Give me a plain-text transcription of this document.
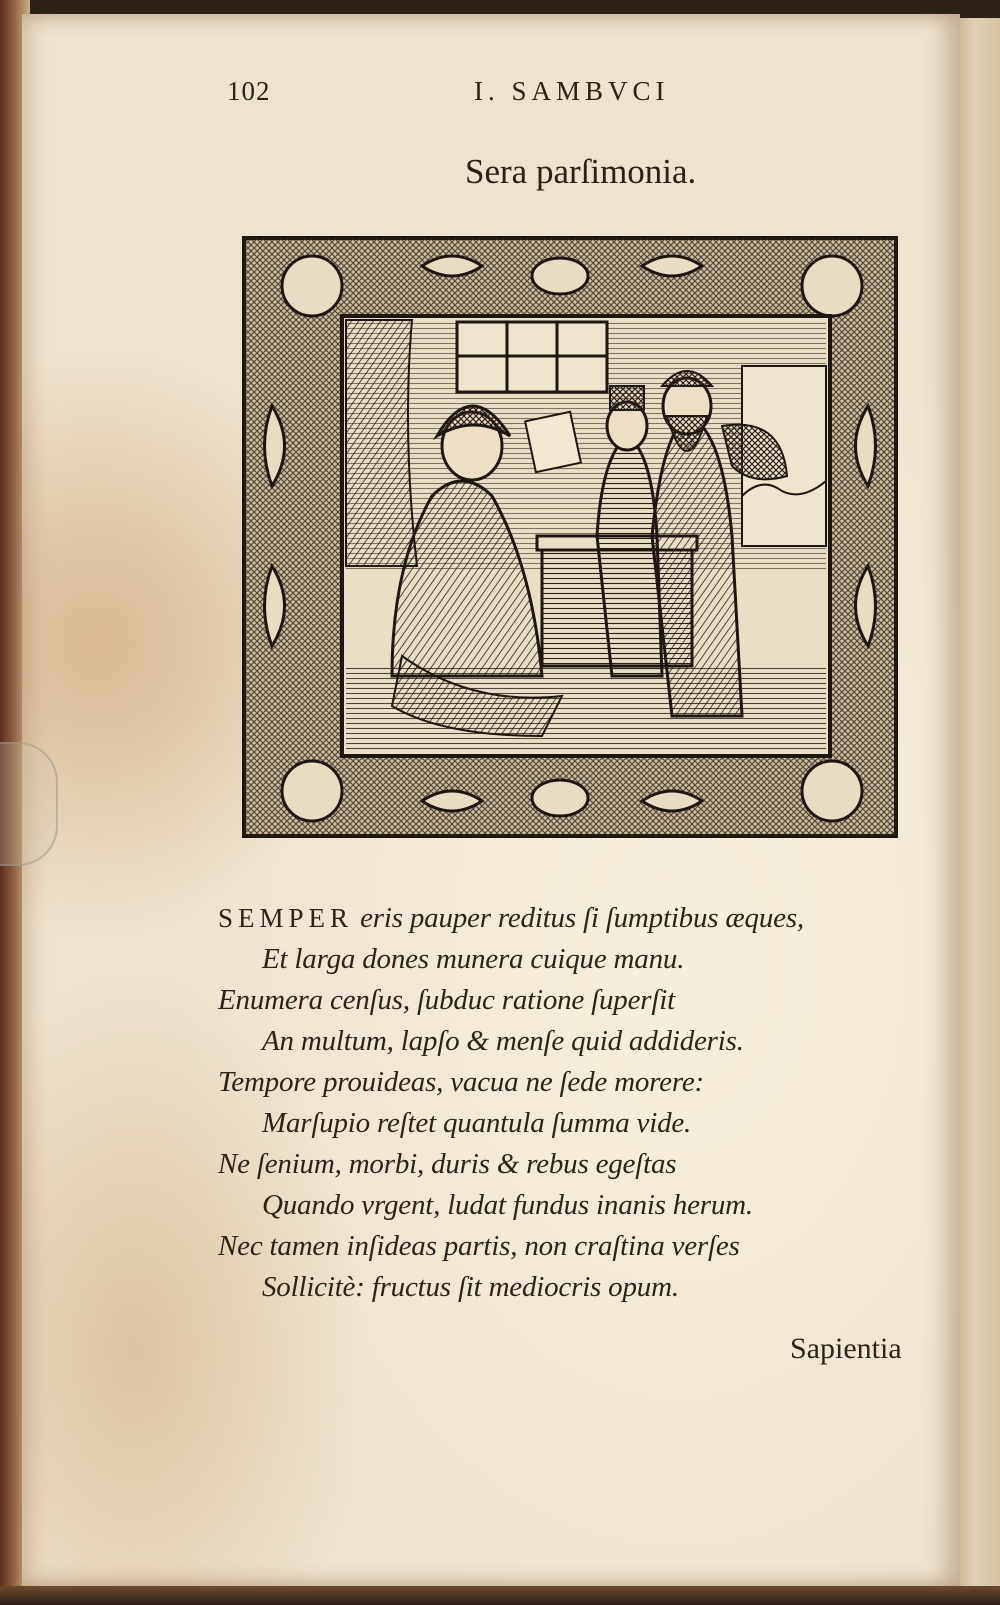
102	I. SAMBVCI
Sera parſimonia.
SEMPER eris pauper reditus ſi ſumptibus æques,
Et larga dones munera cuique manu.
Enumera cenſus, ſubduc ratione ſuperſit
An multum, lapſo & menſe quid addideris.
Tempore prouideas, vacua ne ſede morere:
Marſupio reſtet quantula ſumma vide.
Ne ſenium, morbi, duris & rebus egeſtas
Quando vrgent, ludat fundus inanis herum.
Nec tamen inſideas partis, non craſtina verſes
Sollicitè: fructus ſit mediocris opum.
Sapientia
